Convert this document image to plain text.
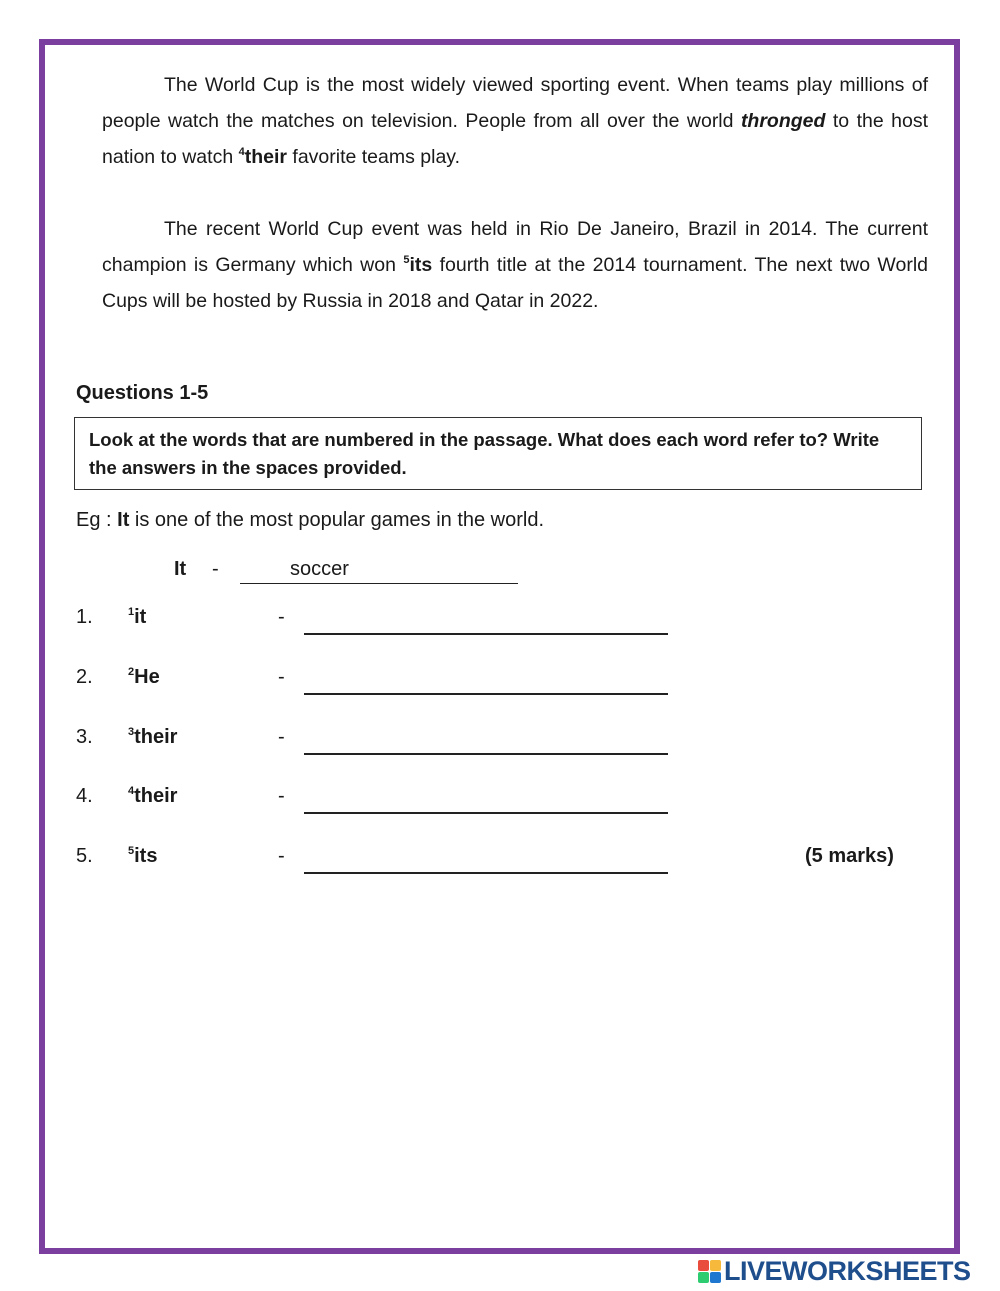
The World Cup is the most widely viewed sporting event. When teams play millions of people watch the matches on television. People from all over the world thronged to the host nation to watch $^4$their favorite teams play.

The recent World Cup event was held in Rio De Janeiro, Brazil in 2014. The current champion is Germany which won $^5$its fourth title at the 2014 tournament. The next two World Cups will be hosted by Russia in 2018 and Qatar in 2022.

Questions 1-5
Look at the words that are numbered in the passage. What does each word refer to? Write the answers in the spaces provided.
Eg : It is one of the most popular games in the world.
It -	soccer
1.	$^1$it	-
2.	$^2$He	-
3.	$^3$their	-
4.	$^4$their	-
5.	$^5$its	-	(5 marks)
LIVEWORKSHEETS
